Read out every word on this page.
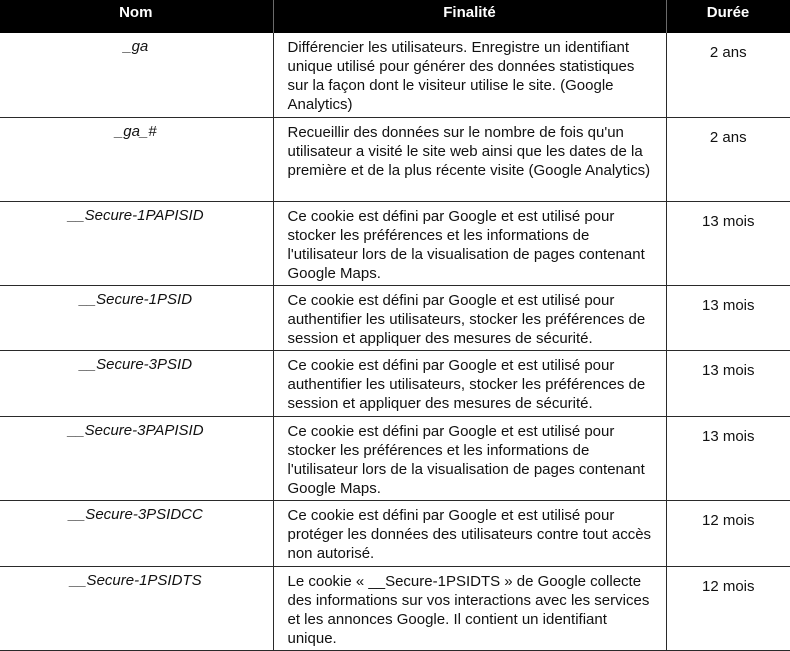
Nom	Finalité	Durée
_ga	Différencier les utilisateurs. Enregistre un identifiant unique utilisé pour générer des données statistiques sur la façon dont le visiteur utilise le site. (Google Analytics)	2 ans
_ga_#	Recueillir des données sur le nombre de fois qu'un utilisateur a visité le site web ainsi que les dates de la première et de la plus récente visite (Google Analytics)	2 ans
__Secure-1PAPISID	Ce cookie est défini par Google et est utilisé pour stocker les préférences et les informations de l'utilisateur lors de la visualisation de pages contenant Google Maps.	13 mois
__Secure-1PSID	Ce cookie est défini par Google et est utilisé pour authentifier les utilisateurs, stocker les préférences de session et appliquer des mesures de sécurité.	13 mois
__Secure-3PSID	Ce cookie est défini par Google et est utilisé pour authentifier les utilisateurs, stocker les préférences de session et appliquer des mesures de sécurité.	13 mois
__Secure-3PAPISID	Ce cookie est défini par Google et est utilisé pour stocker les préférences et les informations de l'utilisateur lors de la visualisation de pages contenant Google Maps.	13 mois
__Secure-3PSIDCC	Ce cookie est défini par Google et est utilisé pour protéger les données des utilisateurs contre tout accès non autorisé.	12 mois
__Secure-1PSIDTS	Le cookie « __Secure-1PSIDTS » de Google collecte des informations sur vos interactions avec les services et les annonces Google. Il contient un identifiant unique.	12 mois
